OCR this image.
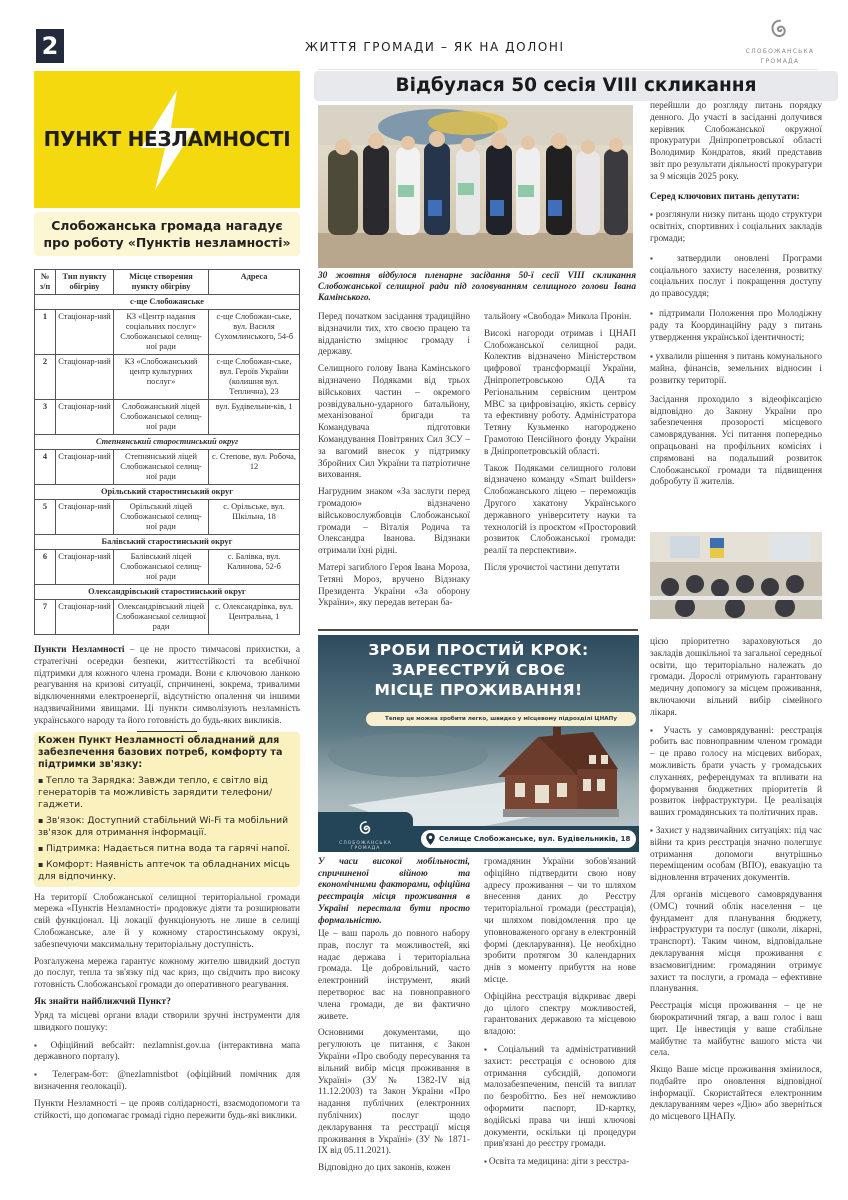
2	ЖИТТЯ ГРОМАДИ – ЯК НА ДОЛОНІ	СЛОБОЖАНСЬКА
ГРОМАДА
ПУНКТ НЕЗЛАМНОСТІ
Слобожанська громада нагадує
про роботу «Пунктів незламності»
№ з/п	Тип пункту обігріву	Місце створення пункту обігріву	Адреса
с-ще Слобожанське			
1	Стаціонар-ний	КЗ «Центр надання соціальних послуг» Слобожанської селищ-ної ради	с-ще Слобожан-ське, вул. Василя Сухомлинського, 54-б
2	Стаціонар-ний	КЗ «Слобожанський центр культурних послуг»	с-ще Слобожан-ське, вул. Героїв України (колишня вул. Теплична), 23
3	Стаціонар-ний	Слобожанський ліцей Слобожанської селищ-ної ради	вул. Будівельни-ків, 1
Степнянський старостинський округ			
4	Стаціонар-ний	Степнянський ліцей Слобожанської селищ-ної ради	с. Степове, вул. Робоча, 12
Орільський старостинський округ			
5	Стаціонар-ний	Орільський ліцей Слобожанської селищ-ної ради	с. Орільське, вул. Шкільна, 18
Балівський старостинський округ			
6	Стаціонар-ний	Балівський ліцей Слобожанської селищ-ної ради	с. Балівка, вул. Калинова, 52-б
Олександрівський старостинський округ			
7	Стаціонар-ний	Олександрівський ліцей Слобожанської селищної ради	с. Олександрівка, вул. Центральна, 1
Пункти Незламності – це не просто тимчасові прихистки, а стратегічні осередки безпеки, життєстійкості та всебічної підтримки для кожного члена громади. Вони є ключовою ланкою реагування на кризові ситуації, спричинені, зокрема, тривалими відключеннями електроенергії, відсутністю опалення чи іншими надзвичайними явищами. Ці пункти символізують незламність українського народу та його готовність до будь-яких викликів.
Кожен Пункт Незламності обладнаний для забезпечення базових потреб, комфорту та підтримки зв'язку:
▪ Тепло та Зарядка: Завжди тепло, є світло від генераторів та можливість зарядити телефони/гаджети.
▪ Зв'язок: Доступний стабільний Wi-Fi та мобільний зв'язок для отримання інформації.
▪ Підтримка: Надається питна вода та гарячі напої.
▪ Комфорт: Наявність аптечок та обладнаних місць для відпочинку.
На території Слобожанської селищної територіальної громади мережа «Пунктів Незламності» продовжує діяти та розширювати свій функціонал. Ці локації функціонують не лише в селищі Слобожанське, але й у кожному старостинському окрузі, забезпечуючи максимальну територіальну доступність.
Розгалужена мережа гарантує кожному жителю швидкий доступ до послуг, тепла та зв'язку під час криз, що свідчить про високу готовність Слобожанської громади до оперативного реагування.
Як знайти найближчий Пункт?
Уряд та місцеві органи влади створили зручні інструменти для швидкого пошуку:
▪ Офіційний вебсайт: nezlamnist.gov.ua (інтерактивна мапа державного порталу).
▪ Телеграм-бот: @nezlamnistbot (офіційний помічник для визначення геолокації).
Пункти Незламності – це прояв солідарності, взаємодопомоги та стійкості, що допомагає громаді гідно пережити будь-які виклики.
Відбулася 50 сесія VIII скликання
30 жовтня відбулося пленарне засідання 50-ї сесії VIII скликання Слобожанської селищної ради під головуванням селищного голови Івана Камінського.
Перед початком засідання традиційно відзначили тих, хто своєю працею та відданістю зміцнює громаду і державу.
Селищного голову Івана Камінського відзначено Подяками від трьох військових частин – окремого розвідувально-ударного батальйону, механізованої бригади та Командувача підготовки Командування Повітряних Сил ЗСУ – за вагомий внесок у підтримку Збройних Сил України та патріотичне виховання.
Нагрудним знаком «За заслуги перед громадою» відзначено військовослужбовців Слобожанської громади – Віталія Родича та Олександра Іванова. Відзнаки отримали їхні рідні.
Матері загиблого Героя Івана Мороза, Тетяні Мороз, вручено Відзнаку Президента України «За оборону України», яку передав ветеран ба-
тальйону «Свобода» Микола Пронін.
Високі нагороди отримав і ЦНАП Слобожанської селищної ради. Колектив відзначено Міністерством цифрової трансформації України, Дніпропетровською ОДА та Регіональним сервісним центром МВС за цифровізацію, якість сервісу та ефективну роботу. Адміністратора Тетяну Кузьменко нагороджено Грамотою Пенсійного фонду України в Дніпропетровській області.
Також Подяками селищного голови відзначено команду «Smart builders» Слобожанського ліцею – переможців Другого хакатону Українського державного університету науки та технологій із проєктом «Просторовий розвиток Слобожанської громади: реалії та перспективи».
Після урочистої частини депутати
перейшли до розгляду питань порядку денного. До участі в засіданні долучився керівник Слобожанської окружної прокуратури Дніпропетровської області Володимир Кондратов, який представив звіт про результати діяльності прокуратури за 9 місяців 2025 року.
Серед ключових питань депутати:
▪ розглянули низку питань щодо структури освітніх, спортивних і соціальних закладів громади;
▪ затвердили оновлені Програми соціального захисту населення, розвитку соціальних послуг і покращення доступу до правосуддя;
▪ підтримали Положення про Молодіжну раду та Координаційну раду з питань утвердження української ідентичності;
▪ ухвалили рішення з питань комунального майна, фінансів, земельних відносин і розвитку території.
Засідання проходило з відеофіксацією відповідно до Закону України про забезпечення прозорості місцевого самоврядування. Усі питання попередньо опрацьовані на профільних комісіях і спрямовані на подальший розвиток Слобожанської громади та підвищення добробуту її жителів.
ЗРОБИ ПРОСТИЙ КРОК:
ЗАРЕЄСТРУЙ СВОЄ
МІСЦЕ ПРОЖИВАННЯ!
Тепер це можна зробити легко, швидко у місцевому підрозділі ЦНАПу
СЛОБОЖАНСЬКА
ГРОМАДА
Селище Слобожанське, вул. Будівельників, 18
У часи високої мобільності, спричиненої війною та економічними факторами, офіційна реєстрація місця проживання в Україні перестала бути просто формальністю.
Це – ваш пароль до повного набору прав, послуг та можливостей, які надає держава і територіальна громада. Це добровільний, часто електронний інструмент, який перетворює вас на повноправного члена громади, де ви фактично живете.
Основними документами, що регулюють це питання, є Закон України «Про свободу пересування та вільний вибір місця проживання в Україні» (ЗУ № 1382-IV від 11.12.2003) та Закон України «Про надання публічних (електронних публічних) послуг щодо декларування та реєстрації місця проживання в Україні» (ЗУ № 1871-IX від 05.11.2021).
Відповідно до цих законів, кожен
громадянин України зобов'язаний офіційно підтвердити свою нову адресу проживання – чи то шляхом внесення даних до Реєстру територіальної громади (реєстрація), чи шляхом повідомлення про це уповноваженого органу в електронній формі (декларування). Це необхідно зробити протягом 30 календарних днів з моменту прибуття на нове місце.
Офіційна реєстрація відкриває двері до цілого спектру можливостей, гарантованих державою та місцевою владою:
▪ Соціальний та адміністративний захист: реєстрація є основою для отримання субсидій, допомоги малозабезпеченим, пенсій та виплат по безробіттю. Без неї неможливо оформити паспорт, ID-картку, водійські права чи інші ключові документи, оскільки ці процедури прив'язані до реєстру громади.
▪ Освіта та медицина: діти з реєстра-
цією пріоритетно зараховуються до закладів дошкільної та загальної середньої освіти, що територіально належать до громади. Дорослі отримують гарантовану медичну допомогу за місцем проживання, включаючи вільний вибір сімейного лікаря.
▪ Участь у самоврядуванні: реєстрація робить вас повноправним членом громади – це право голосу на місцевих виборах, можливість брати участь у громадських слуханнях, референдумах та впливати на формування бюджетних пріоритетів й розвиток інфраструктури. Це реалізація ваших громадянських та політичних прав.
▪ Захист у надзвичайних ситуаціях: під час війни та криз реєстрація значно полегшує отримання допомоги внутрішньо переміщеним особам (ВПО), евакуацію та відновлення втрачених документів.
Для органів місцевого самоврядування (ОМС) точний облік населення – це фундамент для планування бюджету, інфраструктури та послуг (школи, лікарні, транспорт). Таким чином, відповідальне декларування місця проживання є взаємовигідним: громадянин отримує захист та послуги, а громада – ефективне планування.
Реєстрація місця проживання – це не бюрократичний тягар, а ваш голос і ваш щит. Це інвестиція у ваше стабільне майбутнє та майбутнє вашого міста чи села.
Якщо Ваше місце проживання змінилося, подбайте про оновлення відповідної інформації. Скористайтеся електронним декларуванням через «Дію» або зверніться до місцевого ЦНАПу.
